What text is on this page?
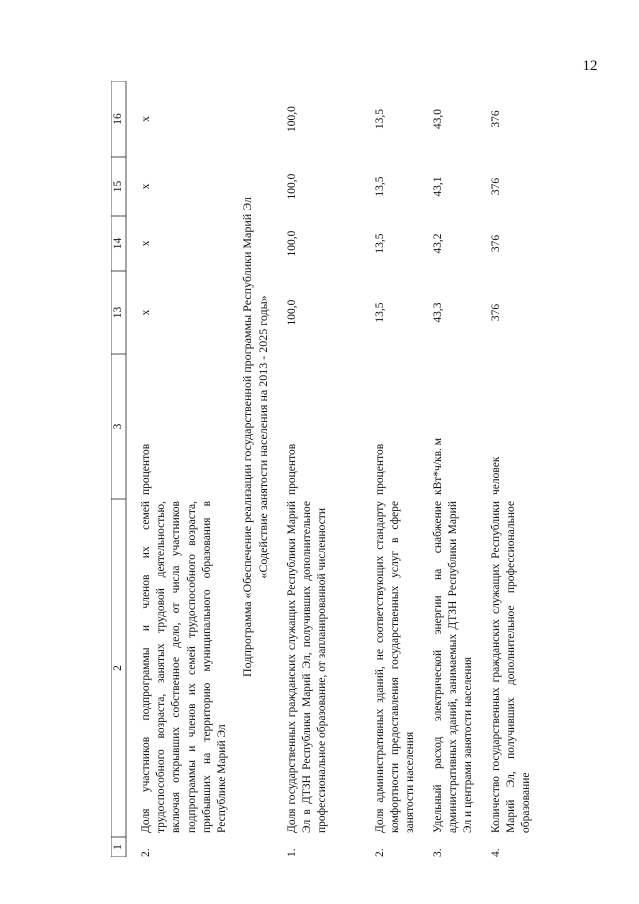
12
1
2
3
13
14
15
16
2.
Доля участников подпрограммы и членов их семей трудоспособного возраста, занятых трудовой деятельностью, включая открывших собственное дело, от числа участников подпрограммы и членов их семей трудоспособного возраста, прибывших на территорию муниципального образования в Республике Марий Эл
процентов
x
x
x
x
Подпрограмма «Обеспечение реализации государственной программы Республики Марий Эл «Содействие занятости населения на 2013 - 2025 годы»
1.
Доля государственных гражданских служащих Республики Марий Эл в ДТЗН Республики Марий Эл, получивших дополнительное профессиональное образование, от запланированной численности
процентов
100,0
100,0
100,0
100,0
2.
Доля административных зданий, не соответствующих стандарту комфортности предоставления государственных услуг в сфере занятости населения
процентов
13,5
13,5
13,5
13,5
3.
Удельный расход электрической энергии на снабжение административных зданий, занимаемых ДТЗН Республики Марий Эл и центрами занятости населения
кВт*ч/кв. м
43,3
43,2
43,1
43,0
4.
Количество государственных гражданских служащих Республики Марий Эл, получивших дополнительное профессиональное образование
человек
376
376
376
376
